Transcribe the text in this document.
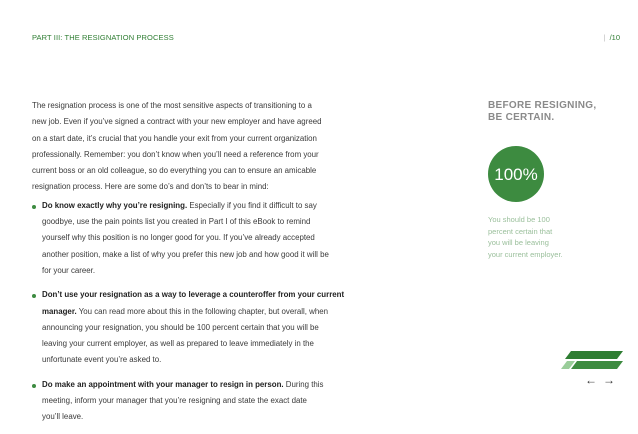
PART III: THE RESIGNATION PROCESS	| /10

The resignation process is one of the most sensitive aspects of transitioning to a
new job. Even if you’ve signed a contract with your new employer and have agreed
on a start date, it’s crucial that you handle your exit from your current organization
professionally. Remember: you don’t know when you’ll need a reference from your
current boss or an old colleague, so do everything you can to ensure an amicable
resignation process. Here are some do’s and don’ts to bear in mind:

Do know exactly why you’re resigning. Especially if you find it difficult to say
goodbye, use the pain points list you created in Part I of this eBook to remind
yourself why this position is no longer good for you. If you’ve already accepted
another position, make a list of why you prefer this new job and how good it will be
for your career.
Don’t use your resignation as a way to leverage a counteroffer from your current manager. You can read more about this in the following chapter, but overall, when
announcing your resignation, you should be 100 percent certain that you will be
leaving your current employer, as well as prepared to leave immediately in the
unfortunate event you’re asked to.
Do make an appointment with your manager to resign in person. During this
meeting, inform your manager that you’re resigning and state the exact date
you’ll leave.
BEFORE RESIGNING,
BE CERTAIN.
100%
You should be 100
percent certain that
you will be leaving
your current employer.
← →
